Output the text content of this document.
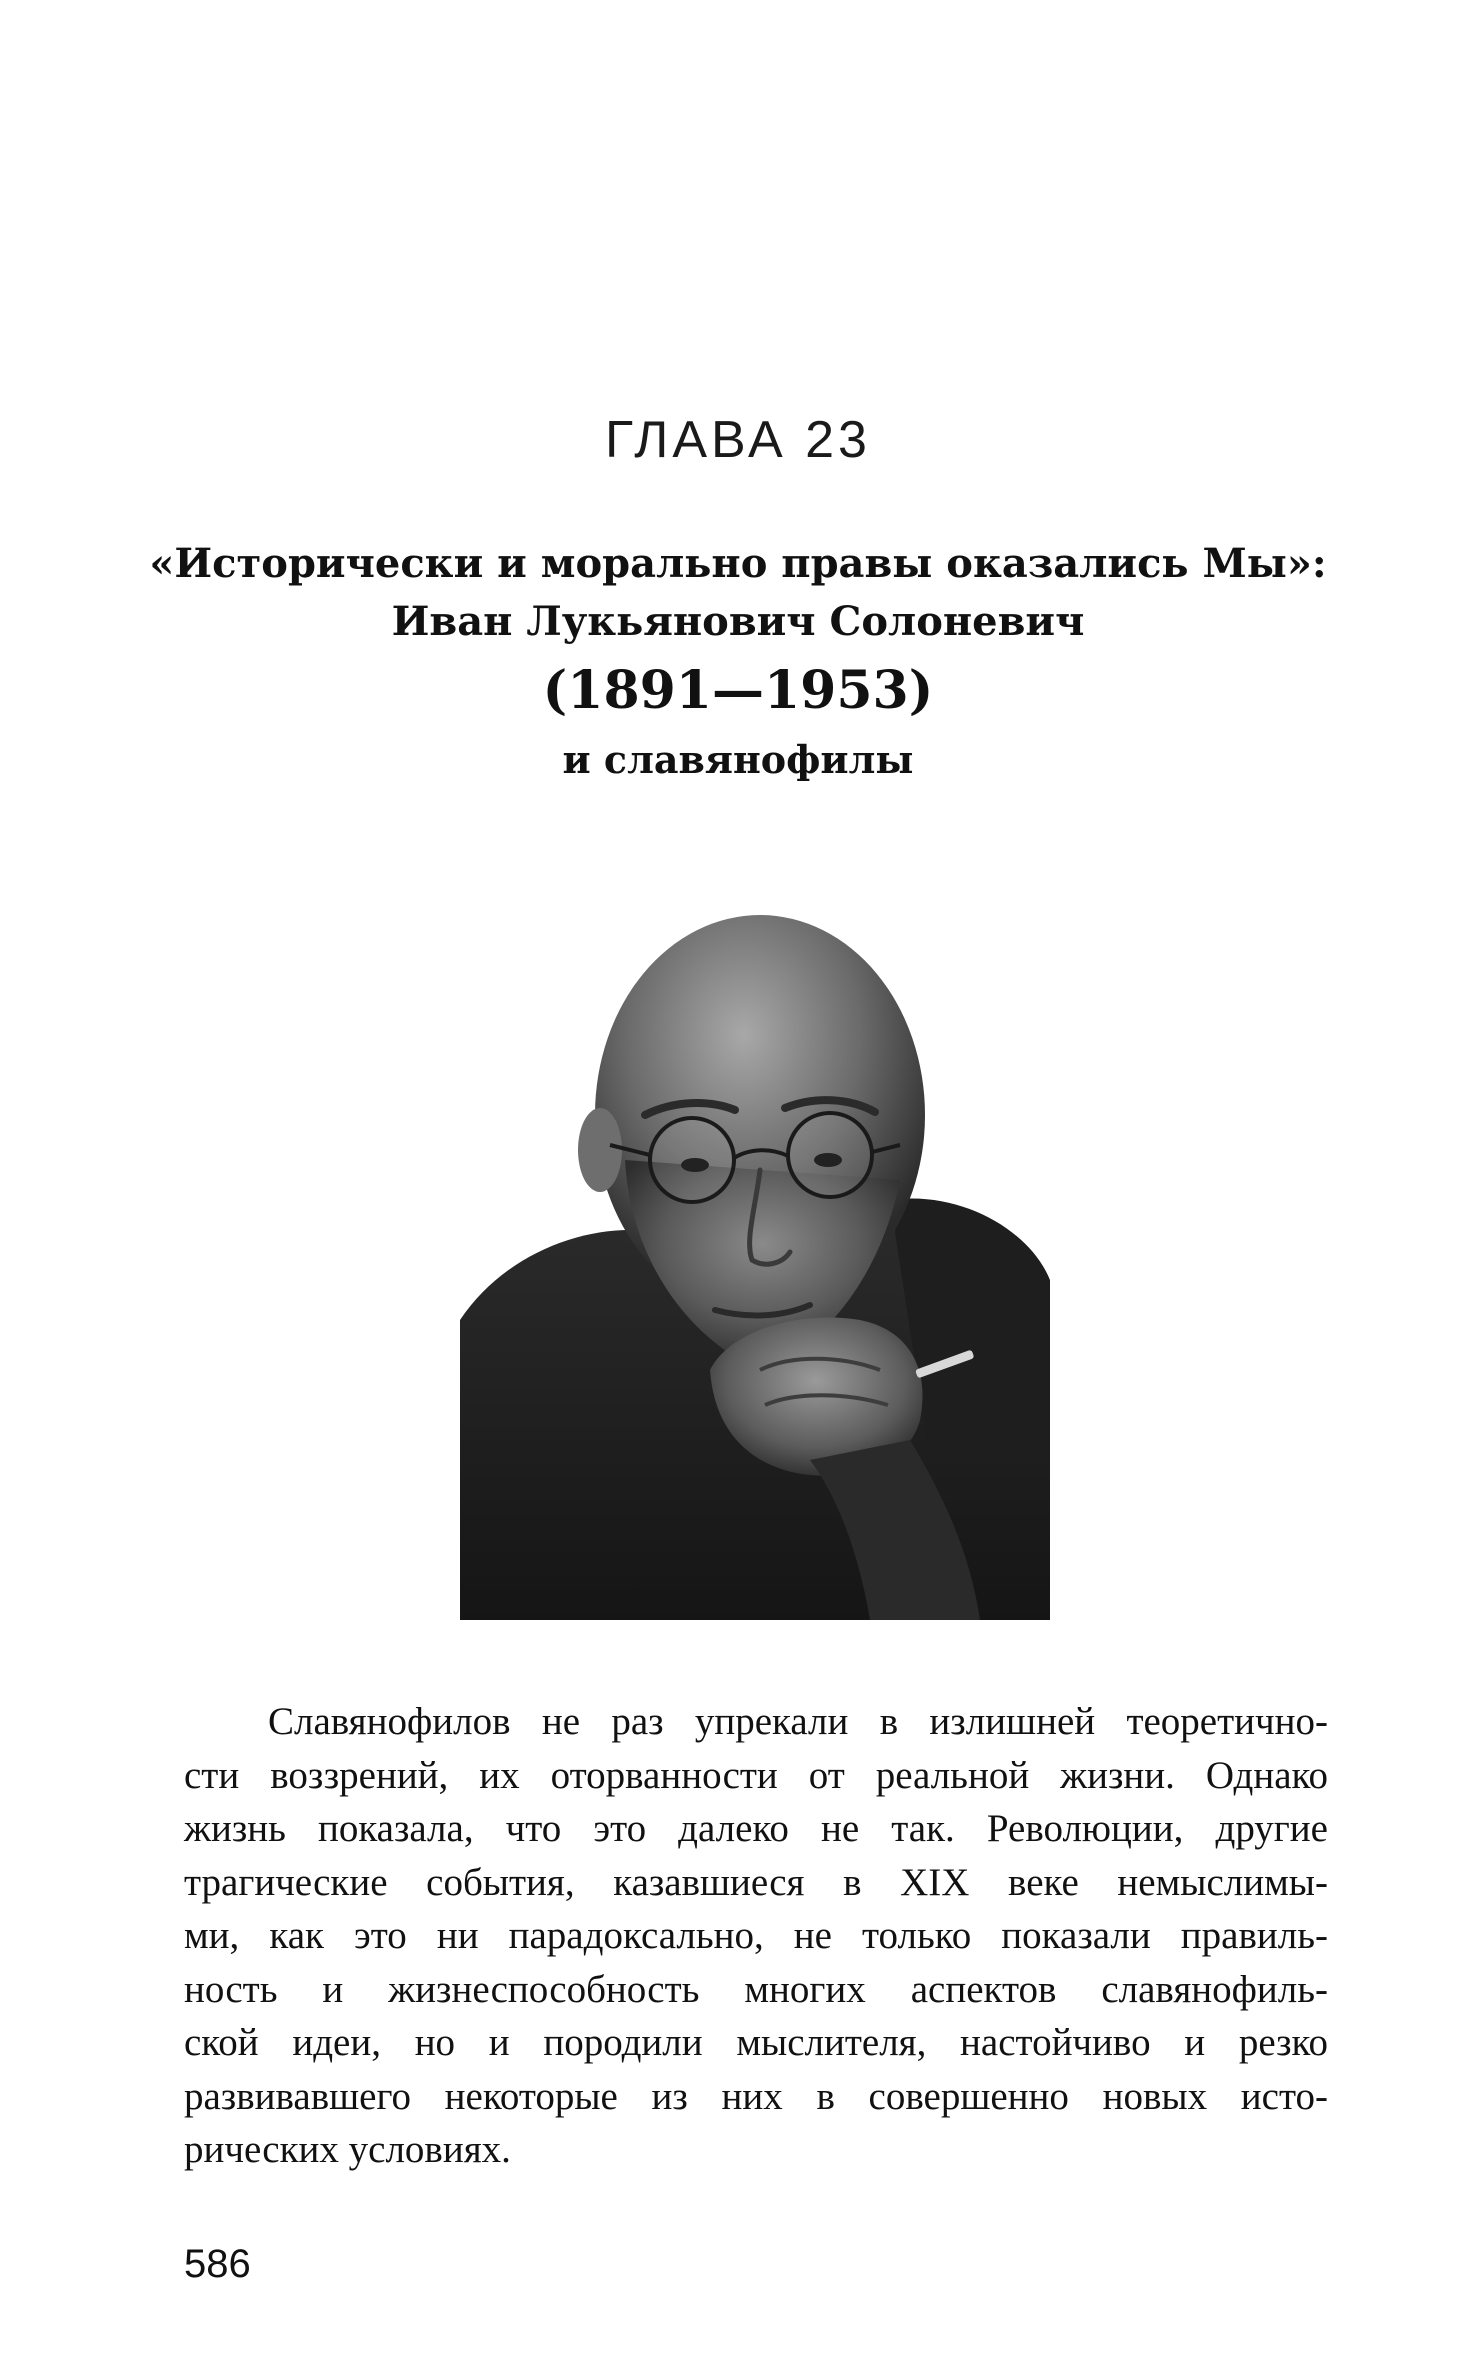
ГЛАВА 23
«Исторически и морально правы оказались Мы»:
Иван Лукьянович Солоневич
(1891—1953)
и славянофилы
Славянофилов не раз упрекали в излишней теоретично-
сти воззрений, их оторванности от реальной жизни. Однако
жизнь показала, что это далеко не так. Революции, другие
трагические события, казавшиеся в XIX веке немыслимы-
ми, как это ни парадоксально, не только показали правиль-
ность и жизнеспособность многих аспектов славянофиль-
ской идеи, но и породили мыслителя, настойчиво и резко
развивавшего некоторые из них в совершенно новых исто-
рических условиях.
586
